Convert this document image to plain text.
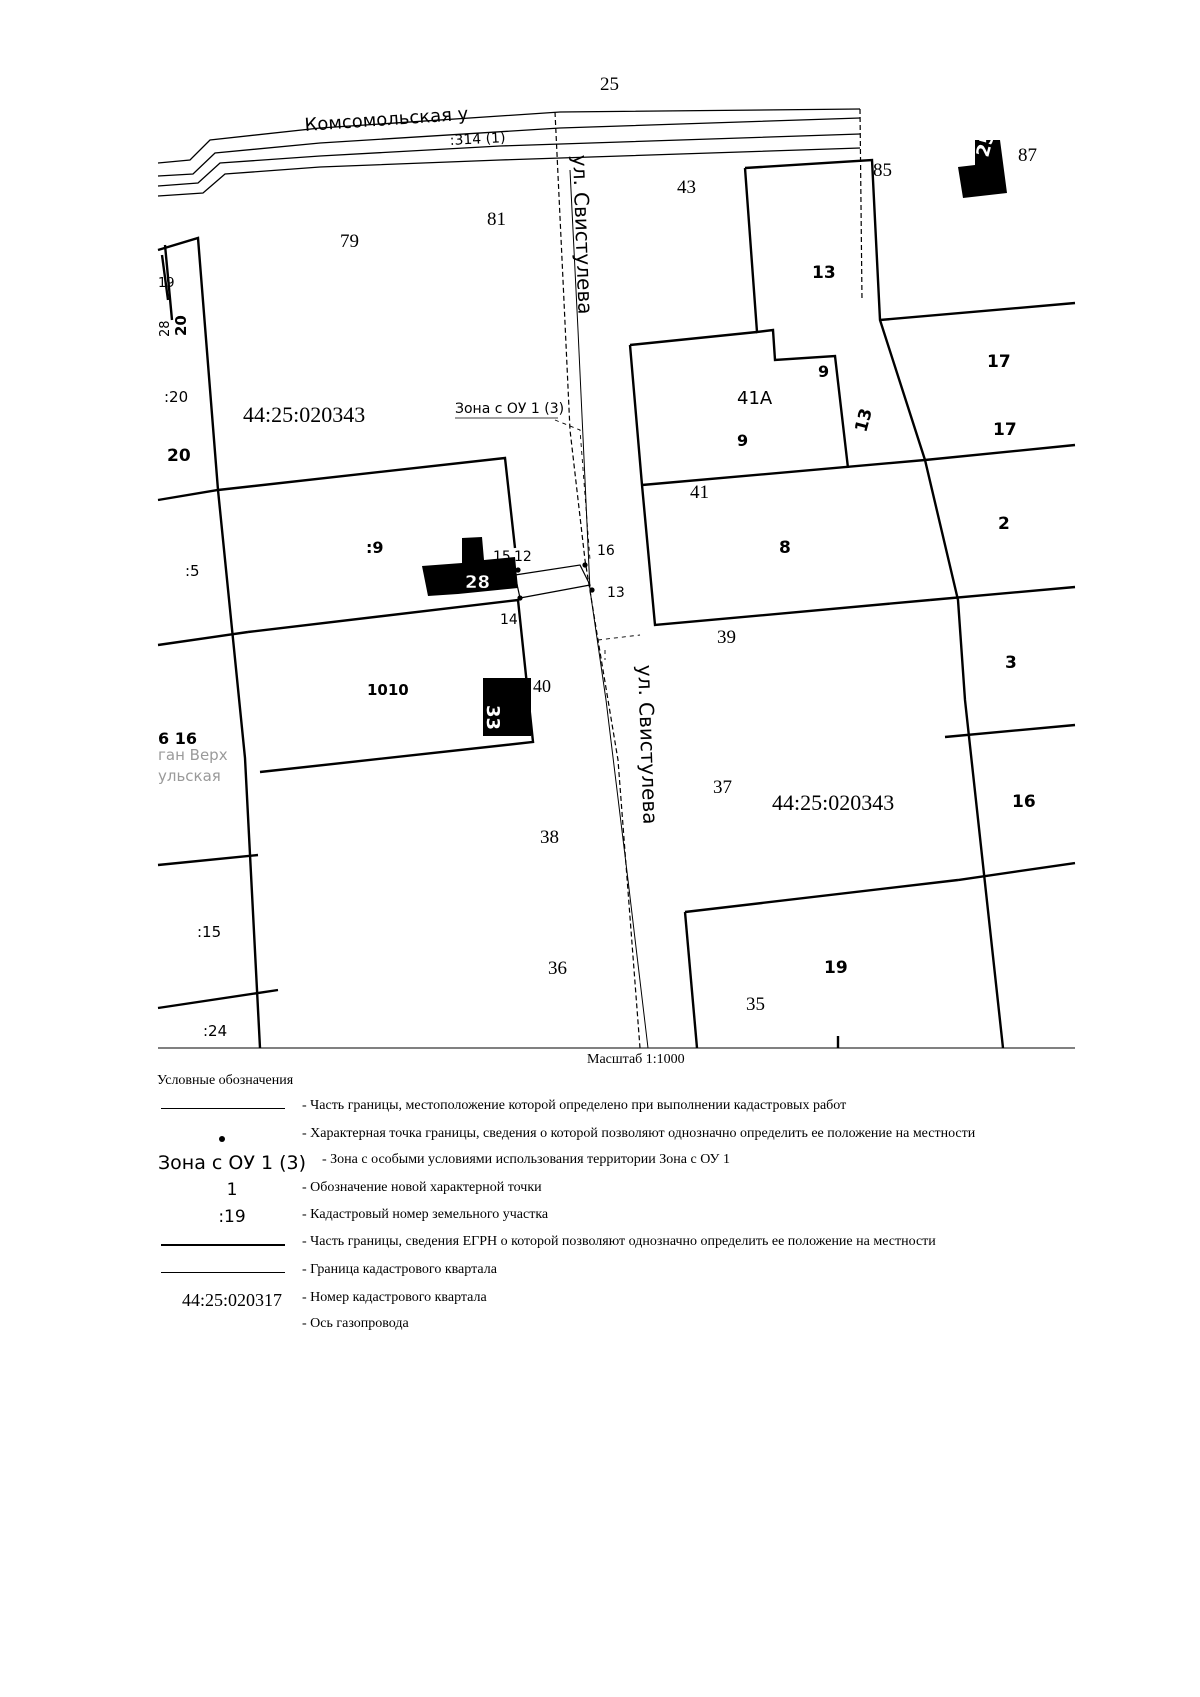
25
28
33
25
Комсомольская у
:314 (1)
ул. Свистулева
ул. Свистулева
Зона с ОУ 1 (3)
44:25:020343
44:25:020343
81
79
43
85
87
13
17
17
9
41A
9
13
41
8
2
39
3
37
16
38
36	19
35
20
:20
:5
:9
1010
6 16
:15
:24
19
20
28
15 12	16
13
14
40
ган Верх
ульская
Масштаб 1:1000
Условные обозначения
- Часть границы, местоположение которой определено при выполнении кадастровых работ
- Характерная точка границы, сведения о которой позволяют однозначно определить ее положение на местности
Зона с ОУ 1 (3) - Зона с особыми условиями использования территории Зона с ОУ 1
1	- Обозначение новой характерной точки
:19	- Кадастровый номер земельного участка
- Часть границы, сведения ЕГРН о которой позволяют однозначно определить ее положение на местности
- Граница кадастрового квартала
44:25:020317	- Номер кадастрового квартала
- Ось газопровода
